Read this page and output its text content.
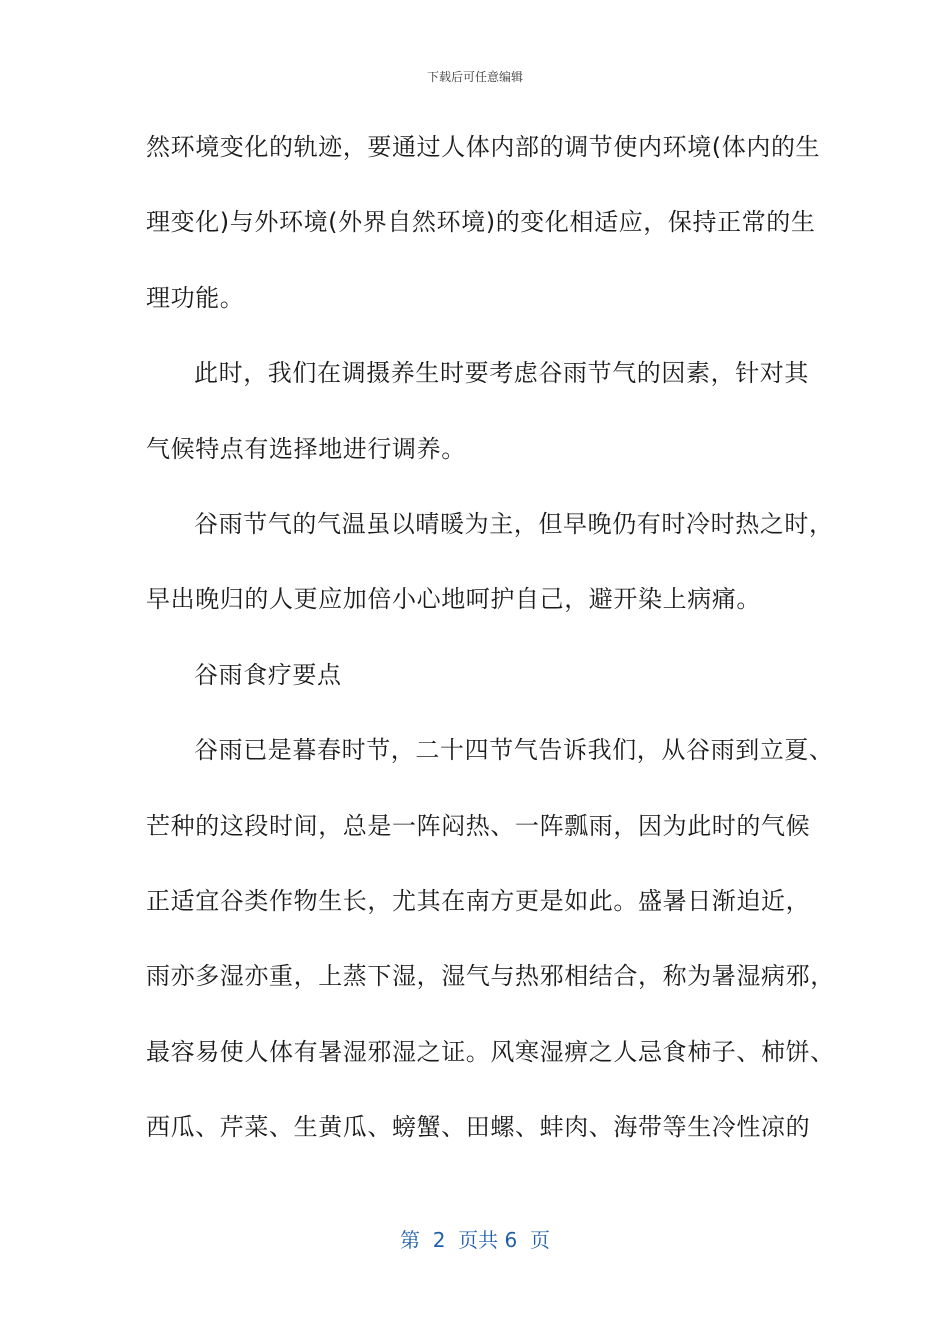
下载后可任意编辑
然环境变化的轨迹，要通过人体内部的调节使内环境(体内的生
理变化)与外环境(外界自然环境)的变化相适应，保持正常的生
理功能。
此时，我们在调摄养生时要考虑谷雨节气的因素，针对其
气候特点有选择地进行调养。
谷雨节气的气温虽以晴暖为主，但早晚仍有时冷时热之时，
早出晚归的人更应加倍小心地呵护自己，避开染上病痛。
谷雨食疗要点
谷雨已是暮春时节，二十四节气告诉我们，从谷雨到立夏、
芒种的这段时间，总是一阵闷热、一阵瓢雨，因为此时的气候
正适宜谷类作物生长，尤其在南方更是如此。盛暑日渐迫近，
雨亦多湿亦重，上蒸下湿，湿气与热邪相结合，称为暑湿病邪，
最容易使人体有暑湿邪湿之证。风寒湿痹之人忌食柿子、柿饼、
西瓜、芹菜、生黄瓜、螃蟹、田螺、蚌肉、海带等生冷性凉的
第  2  页共 6  页
